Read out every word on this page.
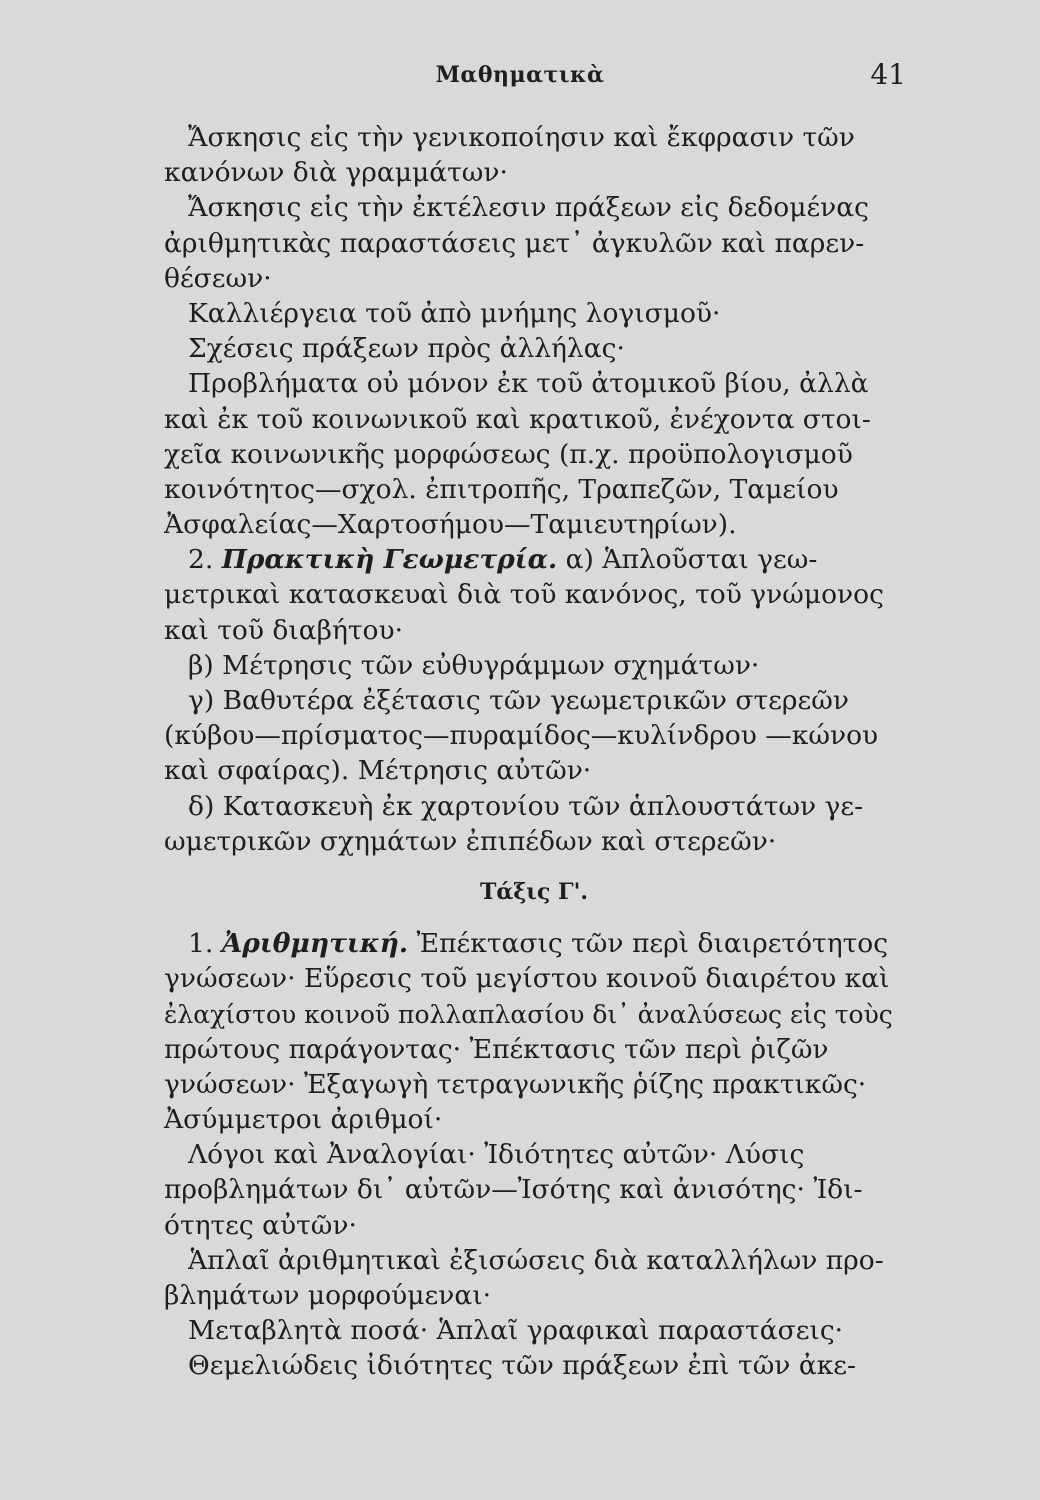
Μαθηματικὰ	41
Ἄσκησις εἰς τὴν γενικοποίησιν καὶ ἔκφρασιν τῶν
κανόνων διὰ γραμμάτων·
Ἄσκησις εἰς τὴν ἐκτέλεσιν πράξεων εἰς δεδομένας
ἀριθμητικὰς παραστάσεις μετ᾽ ἀγκυλῶν καὶ παρεν-
θέσεων·
Καλλιέργεια τοῦ ἀπὸ μνήμης λογισμοῦ·
Σχέσεις πράξεων πρὸς ἀλλήλας·
Προβλήματα οὐ μόνον ἐκ τοῦ ἀτομικοῦ βίου, ἀλλὰ
καὶ ἐκ τοῦ κοινωνικοῦ καὶ κρατικοῦ, ἐνέχοντα στοι-
χεῖα κοινωνικῆς μορφώσεως (π.χ. προϋπολογισμοῦ
κοινότητος—σχολ. ἐπιτροπῆς, Τραπεζῶν, Ταμείου
Ἀσφαλείας—Χαρτοσήμου—Ταμιευτηρίων).
2. Πρακτικὴ Γεωμετρία. α) Ἁπλοῦσται γεω-
μετρικαὶ κατασκευαὶ διὰ τοῦ κανόνος, τοῦ γνώμονος
καὶ τοῦ διαβήτου·
β) Μέτρησις τῶν εὐθυγράμμων σχημάτων·
γ) Βαθυτέρα ἐξέτασις τῶν γεωμετρικῶν στερεῶν
(κύβου—πρίσματος—πυραμίδος—κυλίνδρου —κώνου
καὶ σφαίρας). Μέτρησις αὐτῶν·
δ) Κατασκευὴ ἐκ χαρτονίου τῶν ἁπλουστάτων γε-
ωμετρικῶν σχημάτων ἐπιπέδων καὶ στερεῶν·
Τάξις Γ'.
1. Ἀριθμητική. Ἐπέκτασις τῶν περὶ διαιρετότητος
γνώσεων· Εὕρεσις τοῦ μεγίστου κοινοῦ διαιρέτου καὶ
ἐλαχίστου κοινοῦ πολλαπλασίου δι᾽ ἀναλύσεως εἰς τοὺς
πρώτους παράγοντας· Ἐπέκτασις τῶν περὶ ῥιζῶν
γνώσεων· Ἐξαγωγὴ τετραγωνικῆς ῥίζης πρακτικῶς·
Ἀσύμμετροι ἀριθμοί·
Λόγοι καὶ Ἀναλογίαι· Ἰδιότητες αὐτῶν· Λύσις
προβλημάτων δι᾽ αὐτῶν—Ἰσότης καὶ ἀνισότης· Ἰδι-
ότητες αὐτῶν·
Ἁπλαῖ ἀριθμητικαὶ ἐξισώσεις διὰ καταλλήλων προ-
βλημάτων μορφούμεναι·
Μεταβλητὰ ποσά· Ἁπλαῖ γραφικαὶ παραστάσεις·
Θεμελιώδεις ἰδιότητες τῶν πράξεων ἐπὶ τῶν ἀκε-
